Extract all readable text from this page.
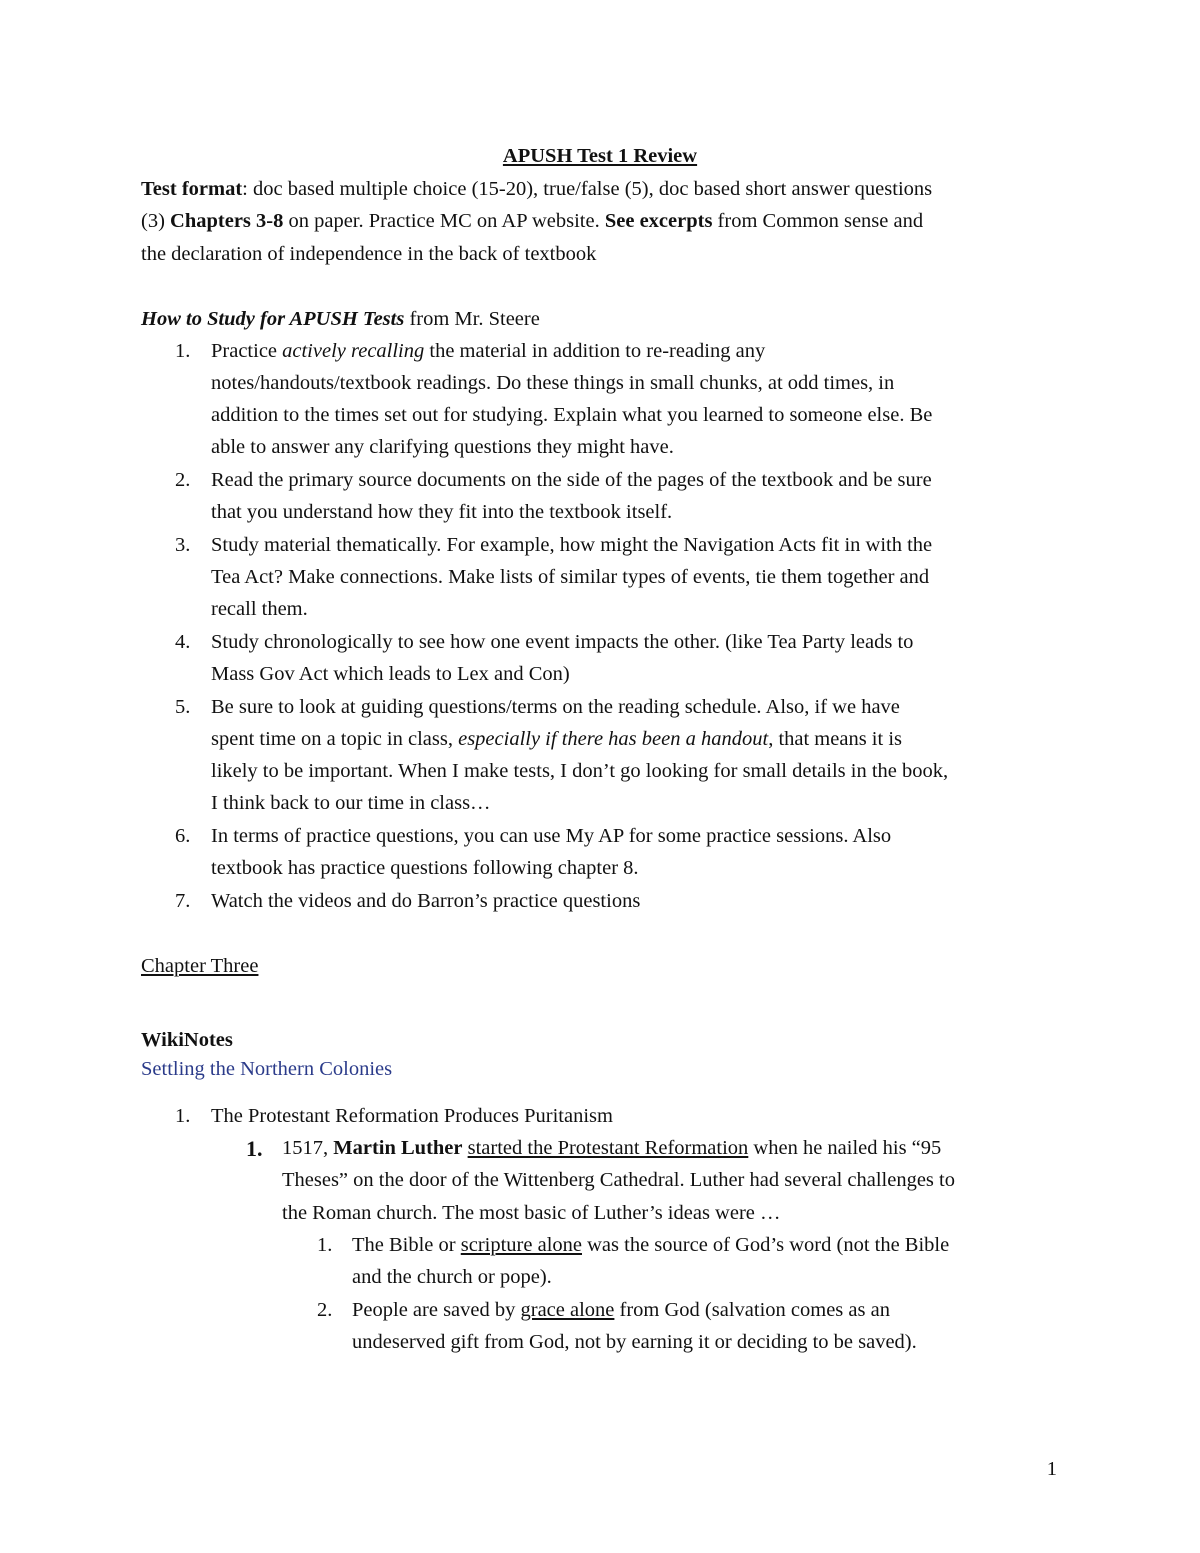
APUSH Test 1 Review
Test format: doc based multiple choice (15-20), true/false (5), doc based short answer questions
(3) Chapters 3-8 on paper. Practice MC on AP website. See excerpts from Common sense and
the declaration of independence in the back of textbook
How to Study for APUSH Tests from Mr. Steere
1. Practice actively recalling the material in addition to re-reading any
notes/handouts/textbook readings. Do these things in small chunks, at odd times, in
addition to the times set out for studying. Explain what you learned to someone else. Be
able to answer any clarifying questions they might have.
2. Read the primary source documents on the side of the pages of the textbook and be sure
that you understand how they fit into the textbook itself.
3. Study material thematically. For example, how might the Navigation Acts fit in with the
Tea Act? Make connections. Make lists of similar types of events, tie them together and
recall them.
4. Study chronologically to see how one event impacts the other. (like Tea Party leads to
Mass Gov Act which leads to Lex and Con)
5. Be sure to look at guiding questions/terms on the reading schedule. Also, if we have
spent time on a topic in class, especially if there has been a handout, that means it is
likely to be important. When I make tests, I don’t go looking for small details in the book,
I think back to our time in class…
6. In terms of practice questions, you can use My AP for some practice sessions. Also
textbook has practice questions following chapter 8.
7. Watch the videos and do Barron’s practice questions
Chapter Three
WikiNotes
Settling the Northern Colonies
1. The Protestant Reformation Produces Puritanism
1. 1517, Martin Luther started the Protestant Reformation when he nailed his “95
Theses” on the door of the Wittenberg Cathedral. Luther had several challenges to
the Roman church. The most basic of Luther’s ideas were …
1. The Bible or scripture alone was the source of God’s word (not the Bible
and the church or pope).
2. People are saved by grace alone from God (salvation comes as an
undeserved gift from God, not by earning it or deciding to be saved).
1
